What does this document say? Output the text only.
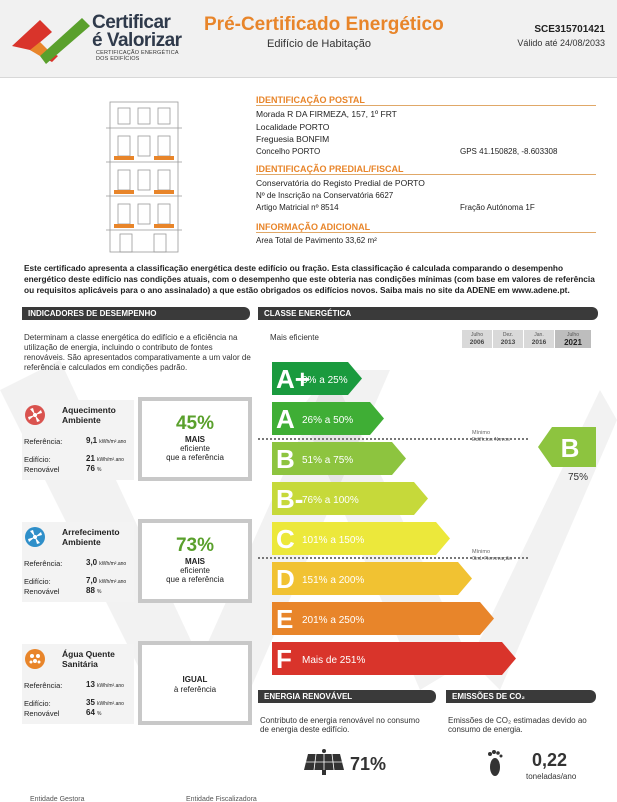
Certificar
é Valorizar
CERTIFICAÇÃO ENERGÉTICA
DOS EDIFÍCIOS
Pré-Certificado Energético
Edifício de Habitação
SCE315701421
Válido até 24/08/2033
IDENTIFICAÇÃO POSTAL
Morada R DA FIRMEZA, 157, 1º FRT
Localidade PORTO
Freguesia BONFIM
Concelho PORTO	GPS 41.150828, -8.603308
IDENTIFICAÇÃO PREDIAL/FISCAL
Conservatória do Registo Predial de PORTO
Nº de Inscrição na Conservatória 6627
Artigo Matricial nº 8514	Fração Autónoma 1F
INFORMAÇÃO ADICIONAL
Area Total de Pavimento 33,62 m²
Este certificado apresenta a classificação energética deste edifício ou fração. Esta classificação é calculada comparando o desempenho energético deste edifício nas condições atuais, com o desempenho que este obteria nas condições mínimas (com base em valores de referência ou requisitos aplicáveis para o ano assinalado) a que estão obrigados os edifícios novos. Saiba mais no site da ADENE em www.adene.pt.
INDICADORES DE DESEMPENHO	CLASSE ENERGÉTICA
Determinam a classe energética do edifício e a eficiência na utilização de energia, incluindo o contributo de fontes renováveis. São apresentados comparativamente a um valor de referência e calculados em condições padrão.
Aquecimento
Ambiente
Referência:	9,1 kWh/m².ano
Edifício:	21 kWh/m².ano
Renovável	76 %
45%
MAIS
eficiente
que a referência
Arrefecimento
Ambiente
Referência:	3,0 kWh/m².ano
Edifício:	7,0 kWh/m².ano
Renovável	88 %
73%
MAIS
eficiente
que a referência
Água Quente
Sanitária
Referência:	13 kWh/m².ano
Edifício:	35 kWh/m².ano
Renovável	64 %
IGUAL
à referência
Mais eficiente	Julho
2006
Dez.
2013
Jan.
2016
Julho
2021
A+
0% a 25%
A 26% a 50%
B 51% a 75%
B-
76% a 100%
C 101% a 150%
D 151% a 200%
E 201% a 250%
F Mais de 251%
Mínimo
Edifícios Novos
Mínimo
Grd. Renovação
B
75%
ENERGIA RENOVÁVEL	EMISSÕES DE CO₂
Contributo de energia renovável no consumo
de energia deste edifício.
71%
Emissões de CO₂ estimadas devido ao
consumo de energia.
0,22
toneladas/ano
Entidade Gestora	Entidade Fiscalizadora
